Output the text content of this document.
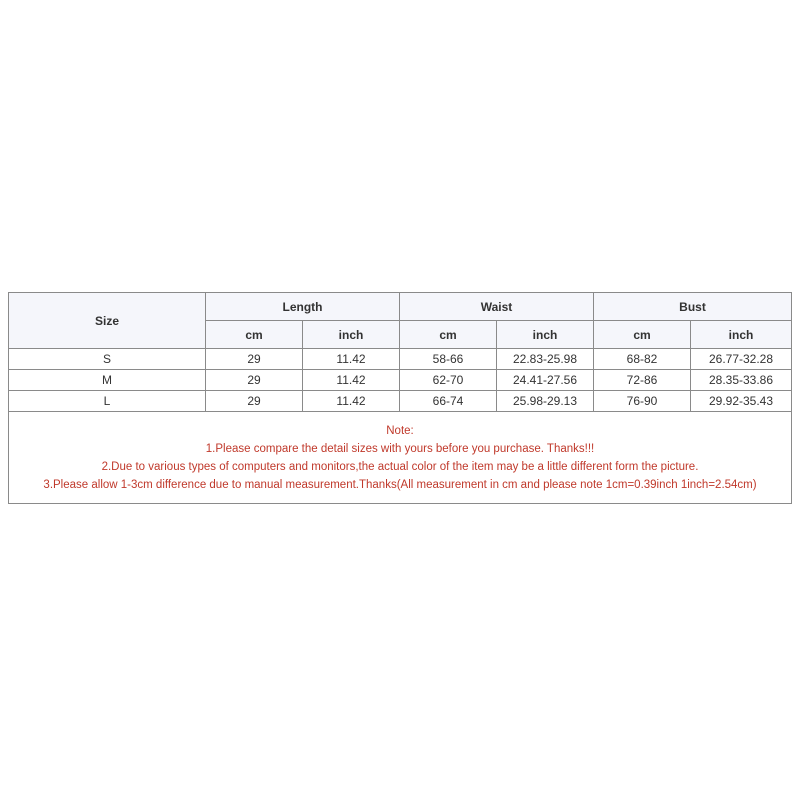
Size	Length		Waist		Bust	
	cm	inch	cm	inch	cm	inch
S	29	11.42	58-66	22.83-25.98	68-82	26.77-32.28
M	29	11.42	62-70	24.41-27.56	72-86	28.35-33.86
L	29	11.42	66-74	25.98-29.13	76-90	29.92-35.43

Note:
1.Please compare the detail sizes with yours before you purchase. Thanks!!!
2.Due to various types of computers and monitors,the actual color of the item may be a little different form the picture.
3.Please allow 1-3cm difference due to manual measurement.Thanks(All measurement in cm and please note 1cm=0.39inch 1inch=2.54cm)						
